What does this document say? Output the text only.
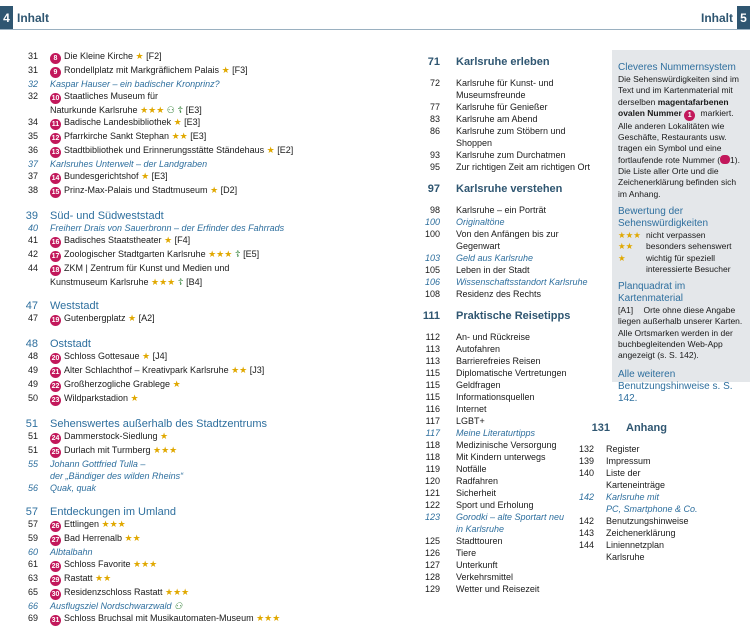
4 Inhalt	Inhalt 5
31	8 Die Kleine Kirche ★ [F2]
31	9 Rondellplatz mit Markgräflichem Palais ★ [F3]
32 Kaspar Hauser – ein badischer Kronprinz?
32 10 Staatliches Museum für
Naturkunde Karlsruhe ★★★ ⚇ ☦ [E3]
34 11 Badische Landesbibliothek ★ [E3]
35 12 Pfarrkirche Sankt Stephan ★★ [E3]
36 13 Stadtbibliothek und Erinnerungsstätte Ständehaus ★ [E2]
37 Karlsruhes Unterwelt – der Landgraben
37 14 Bundesgerichtshof ★ [E3]
38 15 Prinz-Max-Palais und Stadtmuseum ★ [D2]
39 Süd- und Südweststadt
40 Freiherr Drais von Sauerbronn – der Erfinder des Fahrrads
41 16 Badisches Staatstheater ★ [F4]
42 17 Zoologischer Stadtgarten Karlsruhe ★★★ ☦ [E5]
44 18 ZKM | Zentrum für Kunst und Medien und
Kunstmuseum Karlsruhe ★★★ ☦ [B4]
47 Weststadt
47 19 Gutenbergplatz ★ [A2]
48 Oststadt
48 20 Schloss Gottesaue ★ [J4]
49 21 Alter Schlachthof – Kreativpark Karlsruhe ★★ [J3]
49 22 Großherzogliche Grablege ★
50 23 Wildparkstadion ★
51 Sehenswertes außerhalb des Stadtzentrums
51 24 Dammerstock-Siedlung ★
51 25 Durlach mit Turmberg ★★★
55 Johann Gottfried Tulla –
der „Bändiger des wilden Rheins“
56 Quak, quak
57 Entdeckungen im Umland
57 26 Ettlingen ★★★
59 27 Bad Herrenalb ★★
60 Albtalbahn
61 28 Schloss Favorite ★★★
63 29 Rastatt ★★
65 30 Residenzschloss Rastatt ★★★
66 Ausflugsziel Nordschwarzwald ⚇
69 31 Schloss Bruchsal mit Musikautomaten-Museum ★★★
71 Karlsruhe erleben
72 Karlsruhe für Kunst- und
Museumsfreunde
77 Karlsruhe für Genießer
83 Karlsruhe am Abend
86 Karlsruhe zum Stöbern und Shoppen
93 Karlsruhe zum Durchatmen
95 Zur richtigen Zeit am richtigen Ort
97 Karlsruhe verstehen
98 Karlsruhe – ein Porträt
100 Originaltöne
100 Von den Anfängen bis zur Gegenwart
103 Geld aus Karlsruhe
105 Leben in der Stadt
106 Wissenschaftsstandort Karlsruhe
108 Residenz des Rechts
111 Praktische Reisetipps
112 An- und Rückreise
113 Autofahren
113 Barrierefreies Reisen
115 Diplomatische Vertretungen
115 Geldfragen
115 Informationsquellen
116 Internet
117 LGBT+
117 Meine Literaturtipps
118 Medizinische Versorgung
118 Mit Kindern unterwegs
119 Notfälle
120 Radfahren
121 Sicherheit
122 Sport und Erholung
123 Gorodki – alte Sportart neu
in Karlsruhe
125 Stadttouren
126 Tiere
127 Unterkunft
128 Verkehrsmittel
129 Wetter und Reisezeit
131 Anhang
132 Register
139 Impressum
140 Liste der
Karteneinträge
142 Karlsruhe mit
PC, Smartphone & Co.
142 Benutzungshinweise
143 Zeichenerklärung
144 Liniennetzplan
Karlsruhe
Cleveres Nummernsystem
Die Sehenswürdigkeiten sind im Text und im Kartenmaterial mit derselben magentafarbenen ovalen Nummer 1 markiert. Alle anderen Lokalitäten wie Geschäfte, Restaurants usw. tragen ein Symbol und eine fortlaufende rote Nummer ( 1). Die Liste aller Orte und die Zeichenerklärung befinden sich im Anhang.
Bewertung der Sehenswürdigkeiten
★★★ nicht verpassen
★★	besonders sehenswert
★	wichtig für speziell interessierte Besucher
Planquadrat im Kartenmaterial
[A1] Orte ohne diese Angabe liegen außerhalb unserer Karten. Alle Ortsmarken werden in der buchbegleitenden Web-App angezeigt (s. S. 142).
Alle weiteren Benutzungshinweise s. S. 142.
